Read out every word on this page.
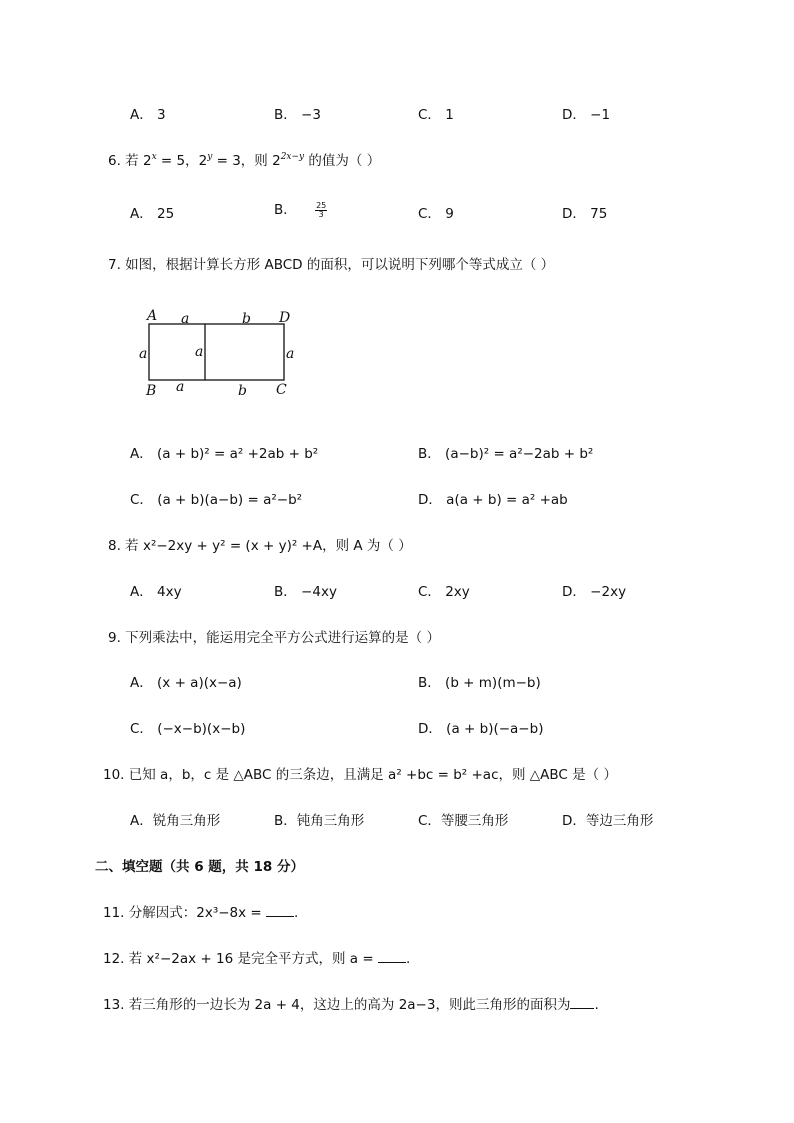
A． 3	B． −3	C． 1	D． −1
6. 若 $2^x = 5$，$2^y = 3$，则 $2^{2x-y}$ 的值为（ ）
A． 25	B． $\frac{25}{3}$	C． 9	D． 75
7. 如图，根据计算长方形 ABCD 的面积，可以说明下列哪个等式成立（ ）
A a	b D
a	a	a
B a	b C
A． (a + b)² = a² +2ab + b²	B． (a−b)² = a²−2ab + b²
C． (a + b)(a−b) = a²−b²	D． a(a + b) = a² +ab
8. 若 x²−2xy + y² = (x + y)² +A，则 A 为（ ）
A． 4xy	B． −4xy	C． 2xy	D． −2xy
9. 下列乘法中，能运用完全平方公式进行运算的是（ ）
A． (x + a)(x−a)	B． (b + m)(m−b)
C． (−x−b)(x−b)	D． (a + b)(−a−b)
10. 已知 a，b，c 是 △ABC 的三条边，且满足 a² +bc = b² +ac，则 △ABC 是（ ）
A．锐角三角形	B．钝角三角形	C．等腰三角形	D．等边三角形
二、填空题（共 6 题，共 18 分）
11. 分解因式：2x³−8x = .
12. 若 x²−2ax + 16 是完全平方式，则 a = .
13. 若三角形的一边长为 2a + 4，这边上的高为 2a−3，则此三角形的面积为 .
